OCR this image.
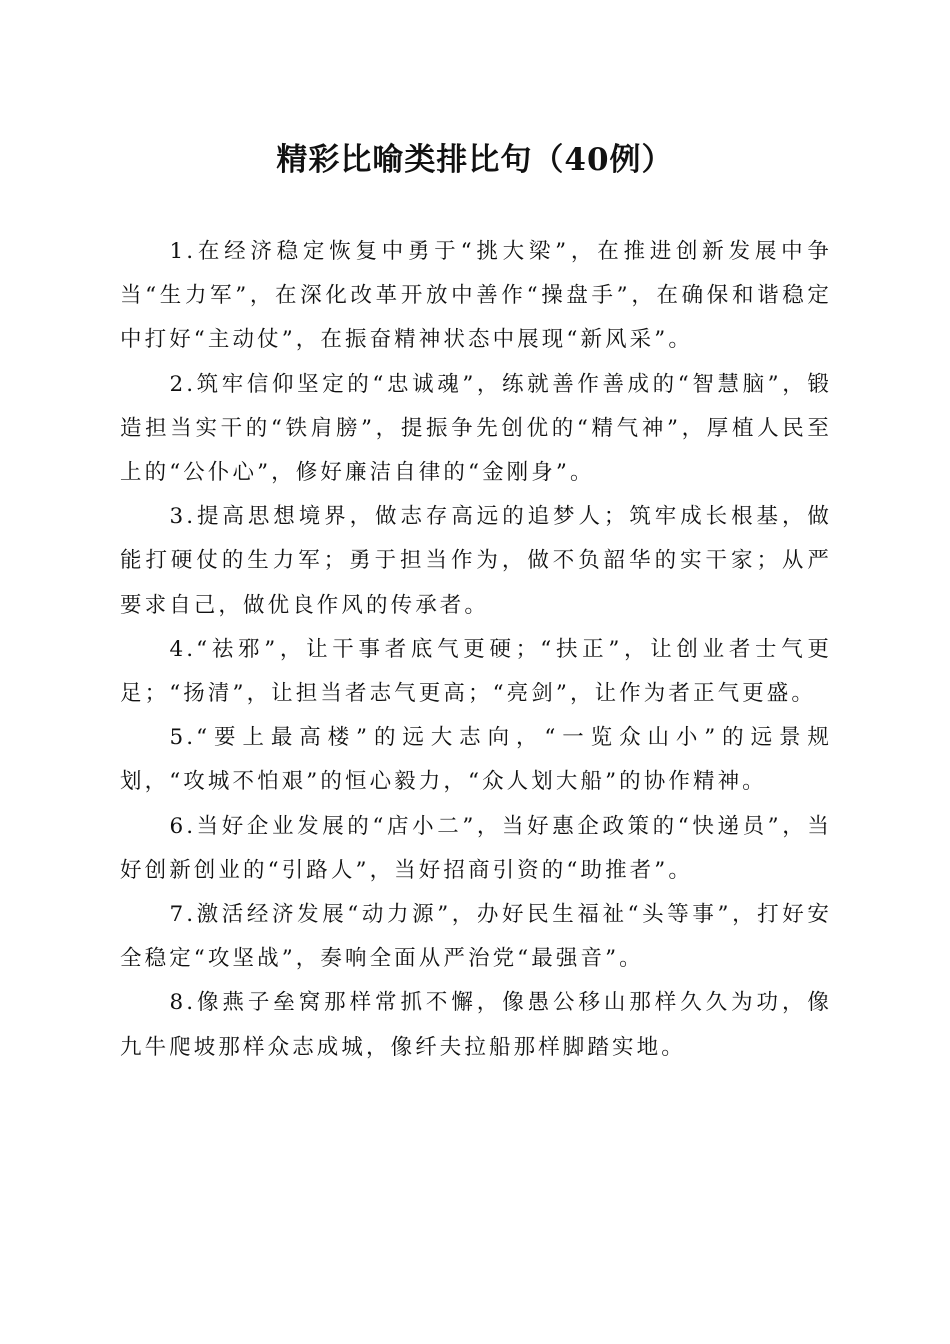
精彩比喻类排比句（40例）

1.在经济稳定恢复中勇于“挑大梁”，在推进创新发展中争当“生力军”，在深化改革开放中善作“操盘手”，在确保和谐稳定中打好“主动仗”，在振奋精神状态中展现“新风采”。

2.筑牢信仰坚定的“忠诚魂”，练就善作善成的“智慧脑”，锻造担当实干的“铁肩膀”，提振争先创优的“精气神”，厚植人民至上的“公仆心”，修好廉洁自律的“金刚身”。

3.提高思想境界，做志存高远的追梦人；筑牢成长根基，做能打硬仗的生力军；勇于担当作为，做不负韶华的实干家；从严要求自己，做优良作风的传承者。

4.“祛邪”，让干事者底气更硬；“扶正”，让创业者士气更足；“扬清”，让担当者志气更高；“亮剑”，让作为者正气更盛。

5.“要上最高楼”的远大志向，“一览众山小”的远景规划，“攻城不怕艰”的恒心毅力，“众人划大船”的协作精神。

6.当好企业发展的“店小二”，当好惠企政策的“快递员”，当好创新创业的“引路人”，当好招商引资的“助推者”。

7.激活经济发展“动力源”，办好民生福祉“头等事”，打好安全稳定“攻坚战”，奏响全面从严治党“最强音”。

8.像燕子垒窝那样常抓不懈，像愚公移山那样久久为功，像九牛爬坡那样众志成城，像纤夫拉船那样脚踏实地。
